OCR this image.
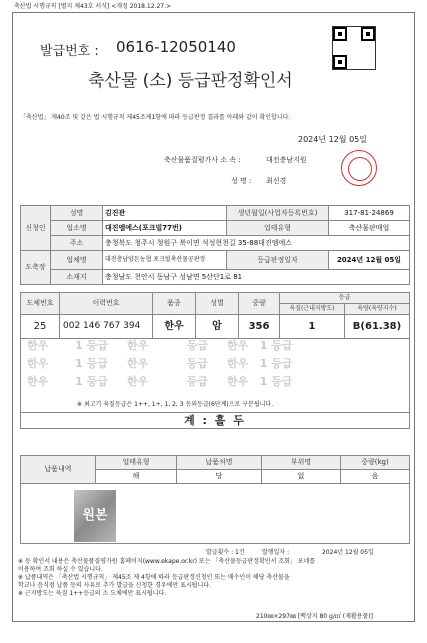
축산법 시행규칙 [별지 제43호 서식] <개정 2018.12.27.>
발급번호 : 0616-12050140
축산물 (소) 등급판정확인서
「축산법」 제40조 및 같은 법 시행규칙 제45조제1항에 따라 등급판정 결과를 아래와 같이 확인합니다.
2024년 12월 05일
축산물품질평가사 소 속 :	대전충남지원
성 명 : 최선경
신청인	성명	김진관	생년월일(사업자등록번호)	317-81-24869
	업소명	대진엠에스(포크빌77번)	업태유형	축산물판매업
	주소	충청북도 청주시 청원구 북이면 석성현천길 35-88대진엠에스		
도축장	업체명	대전충남양돈농협 포크빌축산물공판장	등급판정일자	2024년 12월 05일
	소재지	충청남도 천안시 동남구 성남면 5산단1로 81		
도체번호	이력번호	품종	성별	중량	등급	
					육질(근내지방도)	육량(육량지수)
25	002 146 767 394	한우	암	356	1	B(61.38)

한우 1 등급 한우 등급 한우 1 등급
한우 1 등급 한우 등급 한우 1 등급
한우 1 등급 한우 등급 한우 1 등급
※ 최고기 육질등급은 1++, 1+, 1, 2, 3 등외등급(6단계)으로 구분됩니다.						

계 : 흘 두						
납품내역	업태유형	납품처명	부위명	중량(kg)
	해	당	없	음

원본
발급횟수 : 1건	발행일자 :	2024년 12월 05일
※ 등 확인서 내용은 축산물품질평가원 홈페이지(www.ekape.or.kr) 또는 「축산물등급판정확인서 조회」 포네를
이용하여 조회 하실 수 있습니다.
※ 납품내역은 「축산법 시행규칙」 제45조 제 4항에 따라 등급판정신청인 또는 매수인이 해당 축산물을
학교나 음식점 납품 등의 사유로 추가 발급을 신청한 경우에만 표시됩니다.
※ 근지방도는 육질 1++등급의 소 도체에만 표시됩니다.
210㎜×297㎜ [백상지 80 g/㎡ (재활용품)]
